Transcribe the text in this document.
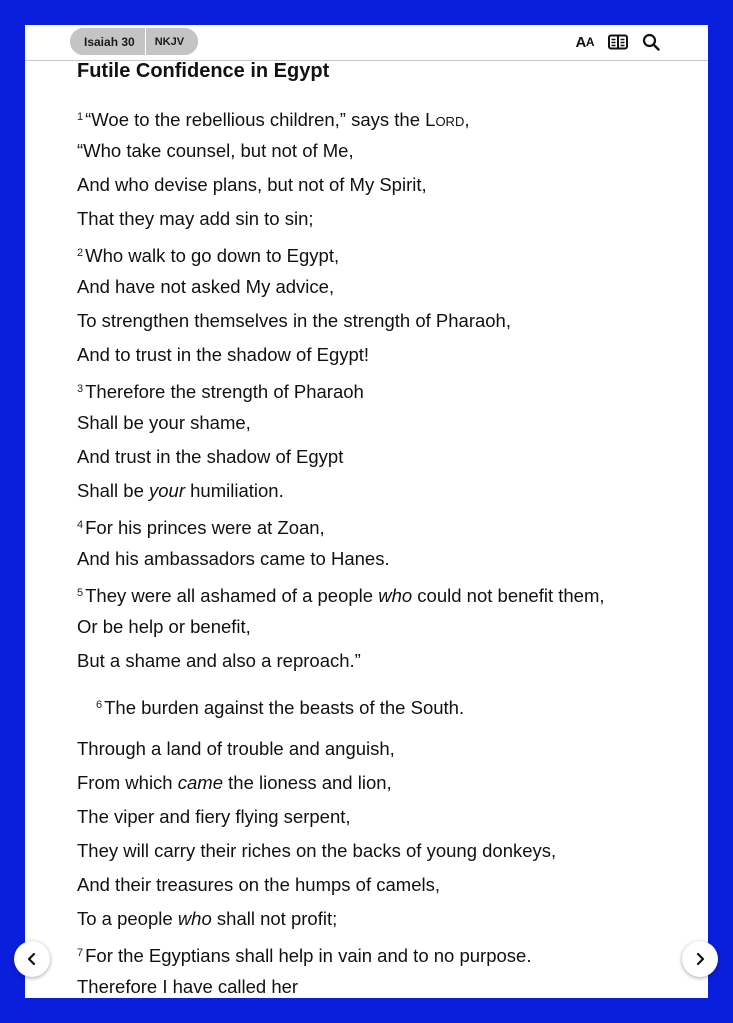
Isaiah 30	NKJV	A A
Futile Confidence in Egypt
$^1$ “Woe to the rebellious children,” says the Lord,
“Who take counsel, but not of Me,
And who devise plans, but not of My Spirit,
That they may add sin to sin;
$^2$ Who walk to go down to Egypt,
And have not asked My advice,
To strengthen themselves in the strength of Pharaoh,
And to trust in the shadow of Egypt!
$^3$ Therefore the strength of Pharaoh
Shall be your shame,
And trust in the shadow of Egypt
Shall be your humiliation.
$^4$ For his princes were at Zoan,
And his ambassadors came to Hanes.
$^5$ They were all ashamed of a people who could not benefit them,
Or be help or benefit,
But a shame and also a reproach.”
$^6$ The burden against the beasts of the South.
Through a land of trouble and anguish,
From which came the lioness and lion,
The viper and fiery flying serpent,
They will carry their riches on the backs of young donkeys,
And their treasures on the humps of camels,
To a people who shall not profit;
$^7$ For the Egyptians shall help in vain and to no purpose.
Therefore I have called her
